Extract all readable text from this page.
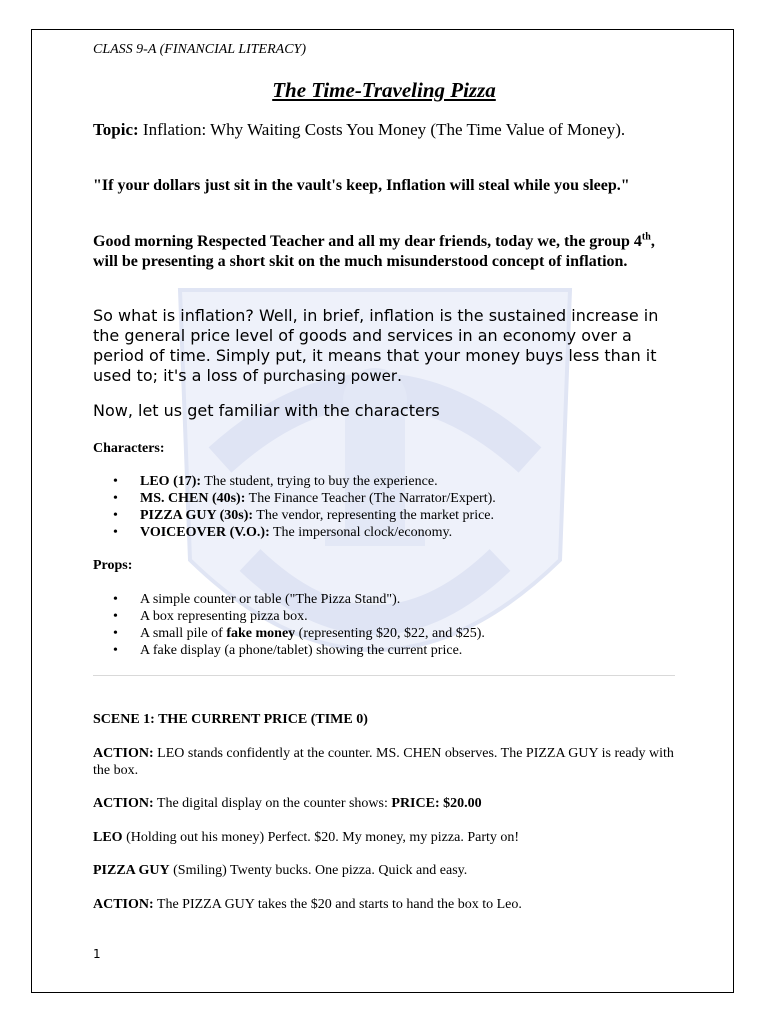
CLASS 9-A (FINANCIAL LITERACY)
The Time-Traveling Pizza
Topic: Inflation: Why Waiting Costs You Money (The Time Value of Money).
"If your dollars just sit in the vault's keep, Inflation will steal while you sleep."
Good morning Respected Teacher and all my dear friends, today we, the group 4th, will be presenting a short skit on the much misunderstood concept of inflation.
So what is inflation? Well, in brief, inflation is the sustained increase in the general price level of goods and services in an economy over a period of time. Simply put, it means that your money buys less than it used to; it's a loss of purchasing power.
Now, let us get familiar with the characters
Characters:
• LEO (17): The student, trying to buy the experience.
• MS. CHEN (40s): The Finance Teacher (The Narrator/Expert).
• PIZZA GUY (30s): The vendor, representing the market price.
• VOICEOVER (V.O.): The impersonal clock/economy.
Props:
• A simple counter or table ("The Pizza Stand").
• A box representing pizza box.
• A small pile of fake money (representing $20, $22, and $25).
• A fake display (a phone/tablet) showing the current price.
SCENE 1: THE CURRENT PRICE (TIME 0)
ACTION: LEO stands confidently at the counter. MS. CHEN observes. The PIZZA GUY is ready with the box.
ACTION: The digital display on the counter shows: PRICE: $20.00
LEO (Holding out his money) Perfect. $20. My money, my pizza. Party on!
PIZZA GUY (Smiling) Twenty bucks. One pizza. Quick and easy.
ACTION: The PIZZA GUY takes the $20 and starts to hand the box to Leo.
1
